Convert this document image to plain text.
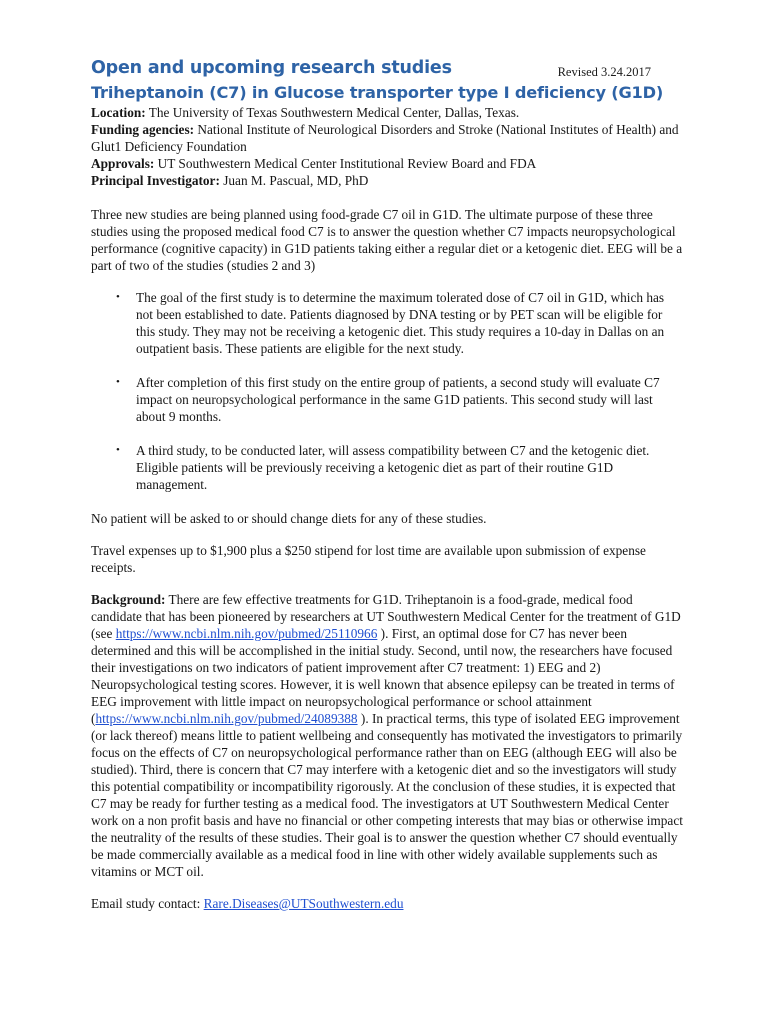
Open and upcoming research studies	Revised 3.24.2017
Triheptanoin (C7) in Glucose transporter type I deficiency (G1D)

Location: The University of Texas Southwestern Medical Center, Dallas, Texas.

Funding agencies: National Institute of Neurological Disorders and Stroke (National Institutes of Health) and Glut1 Deficiency Foundation

Approvals: UT Southwestern Medical Center Institutional Review Board and FDA

Principal Investigator: Juan M. Pascual, MD, PhD

Three new studies are being planned using food-grade C7 oil in G1D. The ultimate purpose of these three studies using the proposed medical food C7 is to answer the question whether C7 impacts neuropsychological performance (cognitive capacity) in G1D patients taking either a regular diet or a ketogenic diet. EEG will be a part of two of the studies (studies 2 and 3)

• The goal of the first study is to determine the maximum tolerated dose of C7 oil in G1D, which has not been established to date. Patients diagnosed by DNA testing or by PET scan will be eligible for this study. They may not be receiving a ketogenic diet. This study requires a 10-day in Dallas on an outpatient basis. These patients are eligible for the next study.
• After completion of this first study on the entire group of patients, a second study will evaluate C7 impact on neuropsychological performance in the same G1D patients. This second study will last about 9 months.
• A third study, to be conducted later, will assess compatibility between C7 and the ketogenic diet. Eligible patients will be previously receiving a ketogenic diet as part of their routine G1D management.

No patient will be asked to or should change diets for any of these studies.

Travel expenses up to $1,900 plus a $250 stipend for lost time are available upon submission of expense receipts.

Background: There are few effective treatments for G1D. Triheptanoin is a food-grade, medical food candidate that has been pioneered by researchers at UT Southwestern Medical Center for the treatment of G1D (see https://www.ncbi.nlm.nih.gov/pubmed/25110966 ). First, an optimal dose for C7 has never been determined and this will be accomplished in the initial study. Second, until now, the researchers have focused their investigations on two indicators of patient improvement after C7 treatment: 1) EEG and 2) Neuropsychological testing scores. However, it is well known that absence epilepsy can be treated in terms of EEG improvement with little impact on neuropsychological performance or school attainment (https://www.ncbi.nlm.nih.gov/pubmed/24089388 ). In practical terms, this type of isolated EEG improvement (or lack thereof) means little to patient wellbeing and consequently has motivated the investigators to primarily focus on the effects of C7 on neuropsychological performance rather than on EEG (although EEG will also be studied). Third, there is concern that C7 may interfere with a ketogenic diet and so the investigators will study this potential compatibility or incompatibility rigorously. At the conclusion of these studies, it is expected that C7 may be ready for further testing as a medical food. The investigators at UT Southwestern Medical Center work on a non profit basis and have no financial or other competing interests that may bias or otherwise impact the neutrality of the results of these studies. Their goal is to answer the question whether C7 should eventually be made commercially available as a medical food in line with other widely available supplements such as vitamins or MCT oil.

Email study contact: Rare.Diseases@UTSouthwestern.edu
